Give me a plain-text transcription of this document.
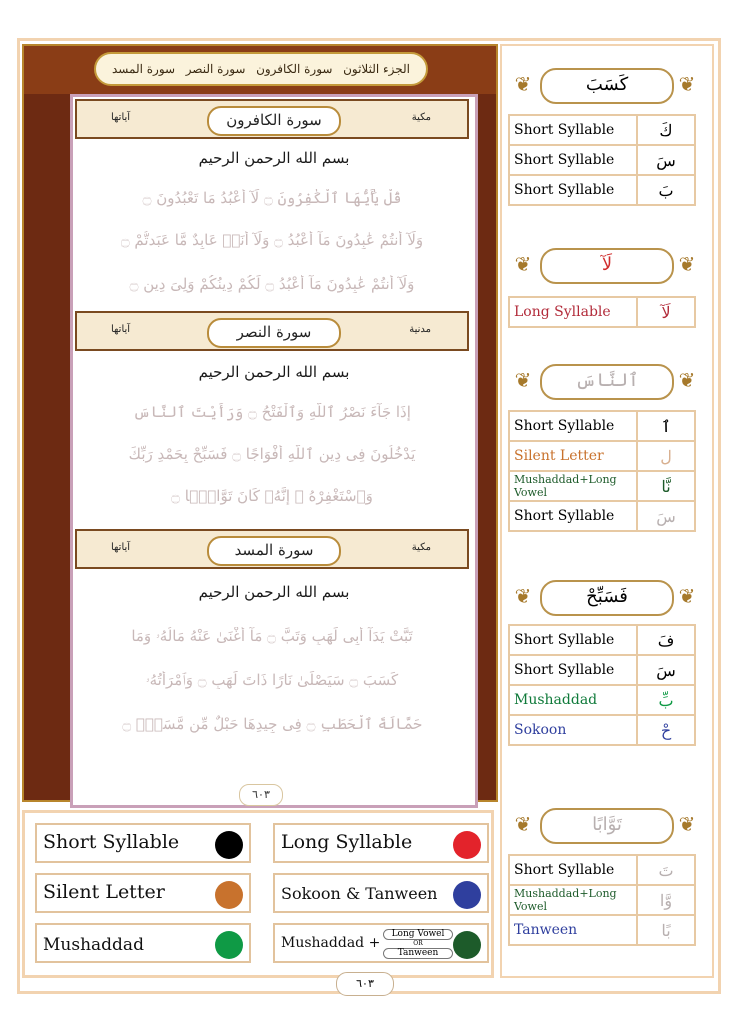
سورة المسد سورة النصر سورة الكافرون الجزء الثلاثون
آياتها	سورة الكافرون	مكية
بسم الله الرحمن الرحيم
قُلْ يَٰٓأَيُّهَا ٱلْكَٰفِرُونَ ۝ لَآ أَعْبُدُ مَا تَعْبُدُونَ ۝
وَلَآ أَنتُمْ عَٰبِدُونَ مَآ أَعْبُدُ ۝ وَلَآ أَنَا۠ عَابِدٌ مَّا عَبَدتُّمْ ۝
وَلَآ أَنتُمْ عَٰبِدُونَ مَآ أَعْبُدُ ۝ لَكُمْ دِينُكُمْ وَلِىَ دِينِ ۝
آياتها	سورة النصر	مدنية
بسم الله الرحمن الرحيم
إِذَا جَآءَ نَصْرُ ٱللَّهِ وَٱلْفَتْحُ ۝ وَرَأَيْتَ ٱلنَّاسَ
يَدْخُلُونَ فِى دِينِ ٱللَّهِ أَفْوَاجًا ۝ فَسَبِّحْ بِحَمْدِ رَبِّكَ
وَٱسْتَغْفِرْهُ ۚ إِنَّهُۥ كَانَ تَوَّابًۢا ۝
آياتها	سورة المسد	مكية
بسم الله الرحمن الرحيم
تَبَّتْ يَدَآ أَبِى لَهَبٍ وَتَبَّ ۝ مَآ أَغْنَىٰ عَنْهُ مَالُهُۥ وَمَا
كَسَبَ ۝ سَيَصْلَىٰ نَارًا ذَاتَ لَهَبٍ ۝ وَٱمْرَأَتُهُۥ
حَمَّالَةَ ٱلْحَطَبِ ۝ فِى جِيدِهَا حَبْلٌ مِّن مَّسَدٍۭ ۝
٦٠٣
❦	كَسَبَ	❦
Short Syllable	كَ
Short Syllable	سَ
Short Syllable	بَ
❦	لَآ	❦
Long Syllable	لَآ
❦	ٱلنَّاسَ	❦
Short Syllable	ٱ
Silent Letter	ل
Mushaddad+Long Vowel	نَّا
Short Syllable	سَ
❦	فَسَبِّحْ	❦
Short Syllable	فَ
Short Syllable	سَ
Mushaddad	بِّ
Sokoon	حْ
❦	تَوَّابًا	❦
Short Syllable	تَ
Mushaddad+Long Vowel	وَّا
Tanween	بًا
Short Syllable	Long Syllable
Silent Letter	Sokoon & Tanween
Mushaddad	Mushaddad +
Long Vowel
OR
Tanween
٦٠٣
